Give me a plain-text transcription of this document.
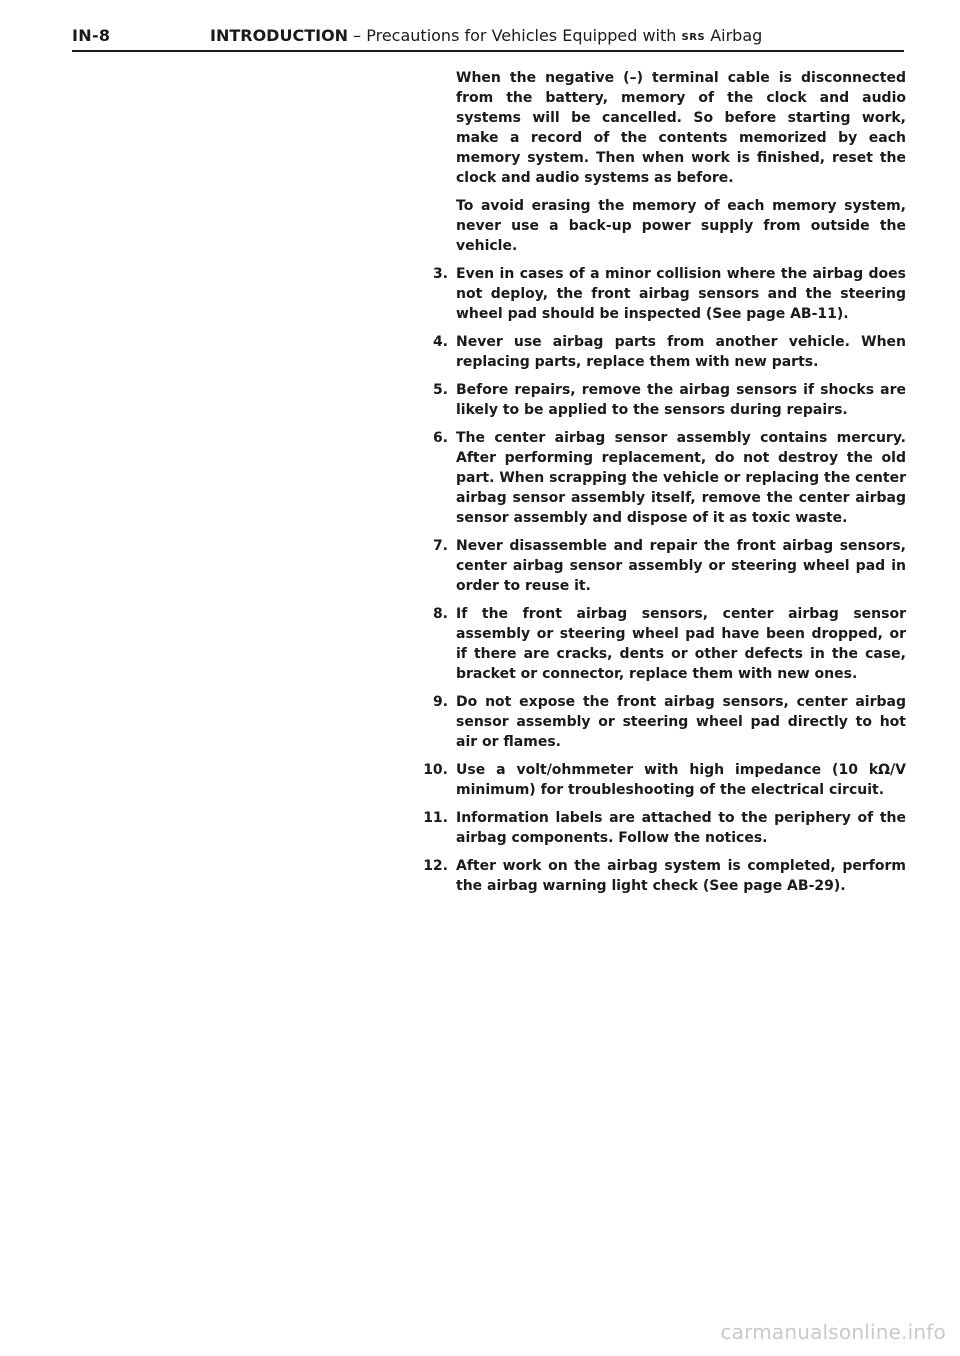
IN-8	INTRODUCTION – Precautions for Vehicles Equipped with SRS Airbag

When the negative (–) terminal cable is disconnected from the battery, memory of the clock and audio systems will be cancelled. So before starting work, make a record of the contents memorized by each memory system. Then when work is finished, reset the clock and audio systems as before.

To avoid erasing the memory of each memory system, never use a back-up power supply from outside the vehicle.

3. Even in cases of a minor collision where the airbag does not deploy, the front airbag sensors and the steering wheel pad should be inspected (See page AB-11).
4. Never use airbag parts from another vehicle. When replacing parts, replace them with new parts.
5. Before repairs, remove the airbag sensors if shocks are likely to be applied to the sensors during repairs.
6. The center airbag sensor assembly contains mercury. After performing replacement, do not destroy the old part. When scrapping the vehicle or replacing the center airbag sensor assembly itself, remove the center airbag sensor assembly and dispose of it as toxic waste.
7. Never disassemble and repair the front airbag sensors, center airbag sensor assembly or steering wheel pad in order to reuse it.
8. If the front airbag sensors, center airbag sensor assembly or steering wheel pad have been dropped, or if there are cracks, dents or other defects in the case, bracket or connector, replace them with new ones.
9. Do not expose the front airbag sensors, center airbag sensor assembly or steering wheel pad directly to hot air or flames.
10. Use a volt/ohmmeter with high impedance (10 kΩ/V minimum) for troubleshooting of the electrical circuit.
11. Information labels are attached to the periphery of the airbag components. Follow the notices.
12. After work on the airbag system is completed, perform the airbag warning light check (See page AB-29).
carmanualsonline.info
